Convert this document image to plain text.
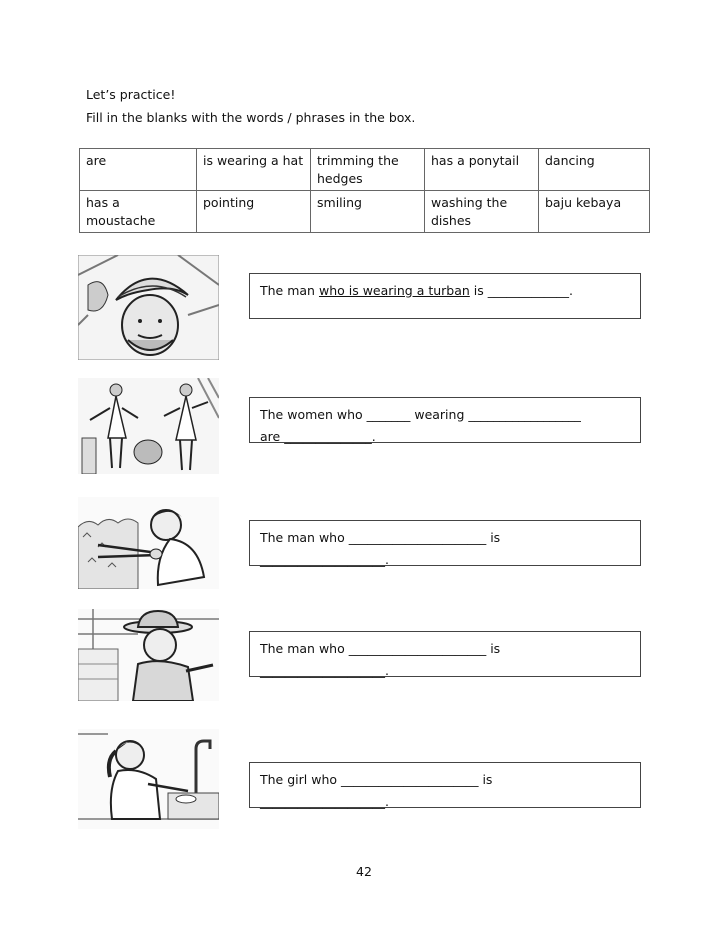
Let’s practice!
Fill in the blanks with the words / phrases in the box.
are	is wearing a hat	trimming the hedges	has a ponytail	dancing
has a moustache	pointing	smiling	washing the dishes	baju kebaya
The man who is wearing a turban is _____________.
The women who _______ wearing __________________
are ______________.
The man who ______________________ is
____________________.
The man who ______________________ is
____________________.
The girl who ______________________ is
____________________.
42
